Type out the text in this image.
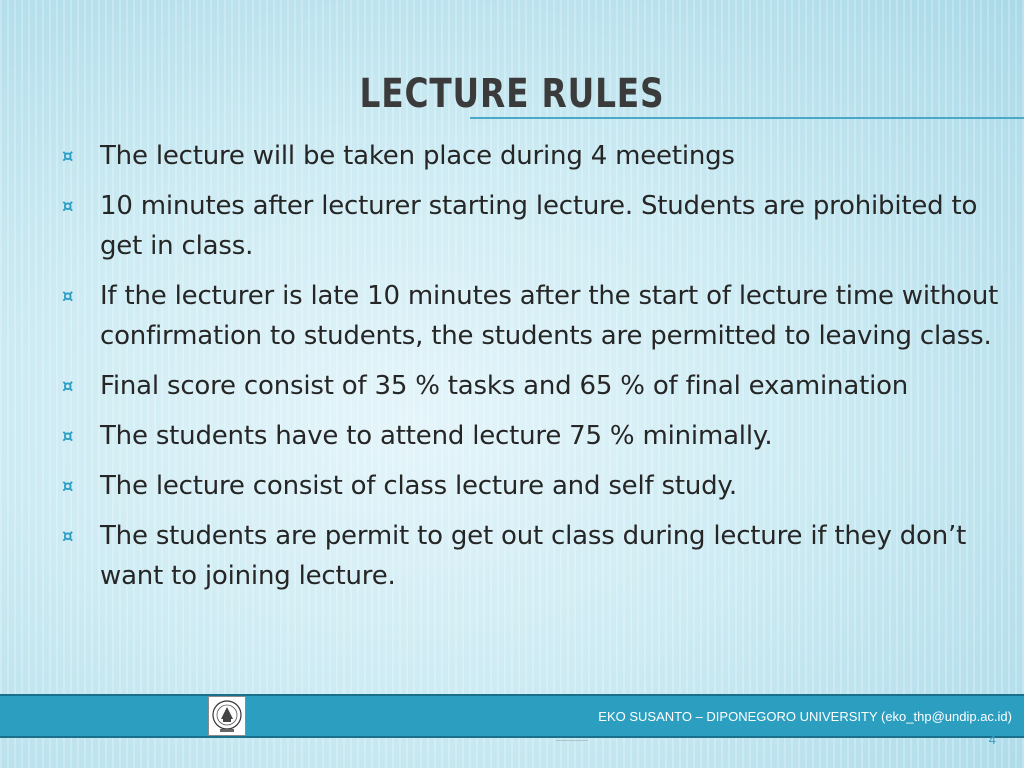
LECTURE RULES
¤	The lecture will be taken place during 4 meetings
¤	10 minutes after lecturer starting lecture. Students are prohibited to get in class.
¤	If the lecturer is late 10 minutes after the start of lecture time without confirmation to students, the students are permitted to leaving class.
¤	Final score consist of 35 % tasks and 65 % of final examination
¤	The students have to attend lecture 75 % minimally.
¤	The lecture consist of class lecture and self study.
¤	The students are permit to get out class during lecture if they don’t want to joining lecture.
EKO SUSANTO – DIPONEGORO UNIVERSITY (eko_thp@undip.ac.id)
4
